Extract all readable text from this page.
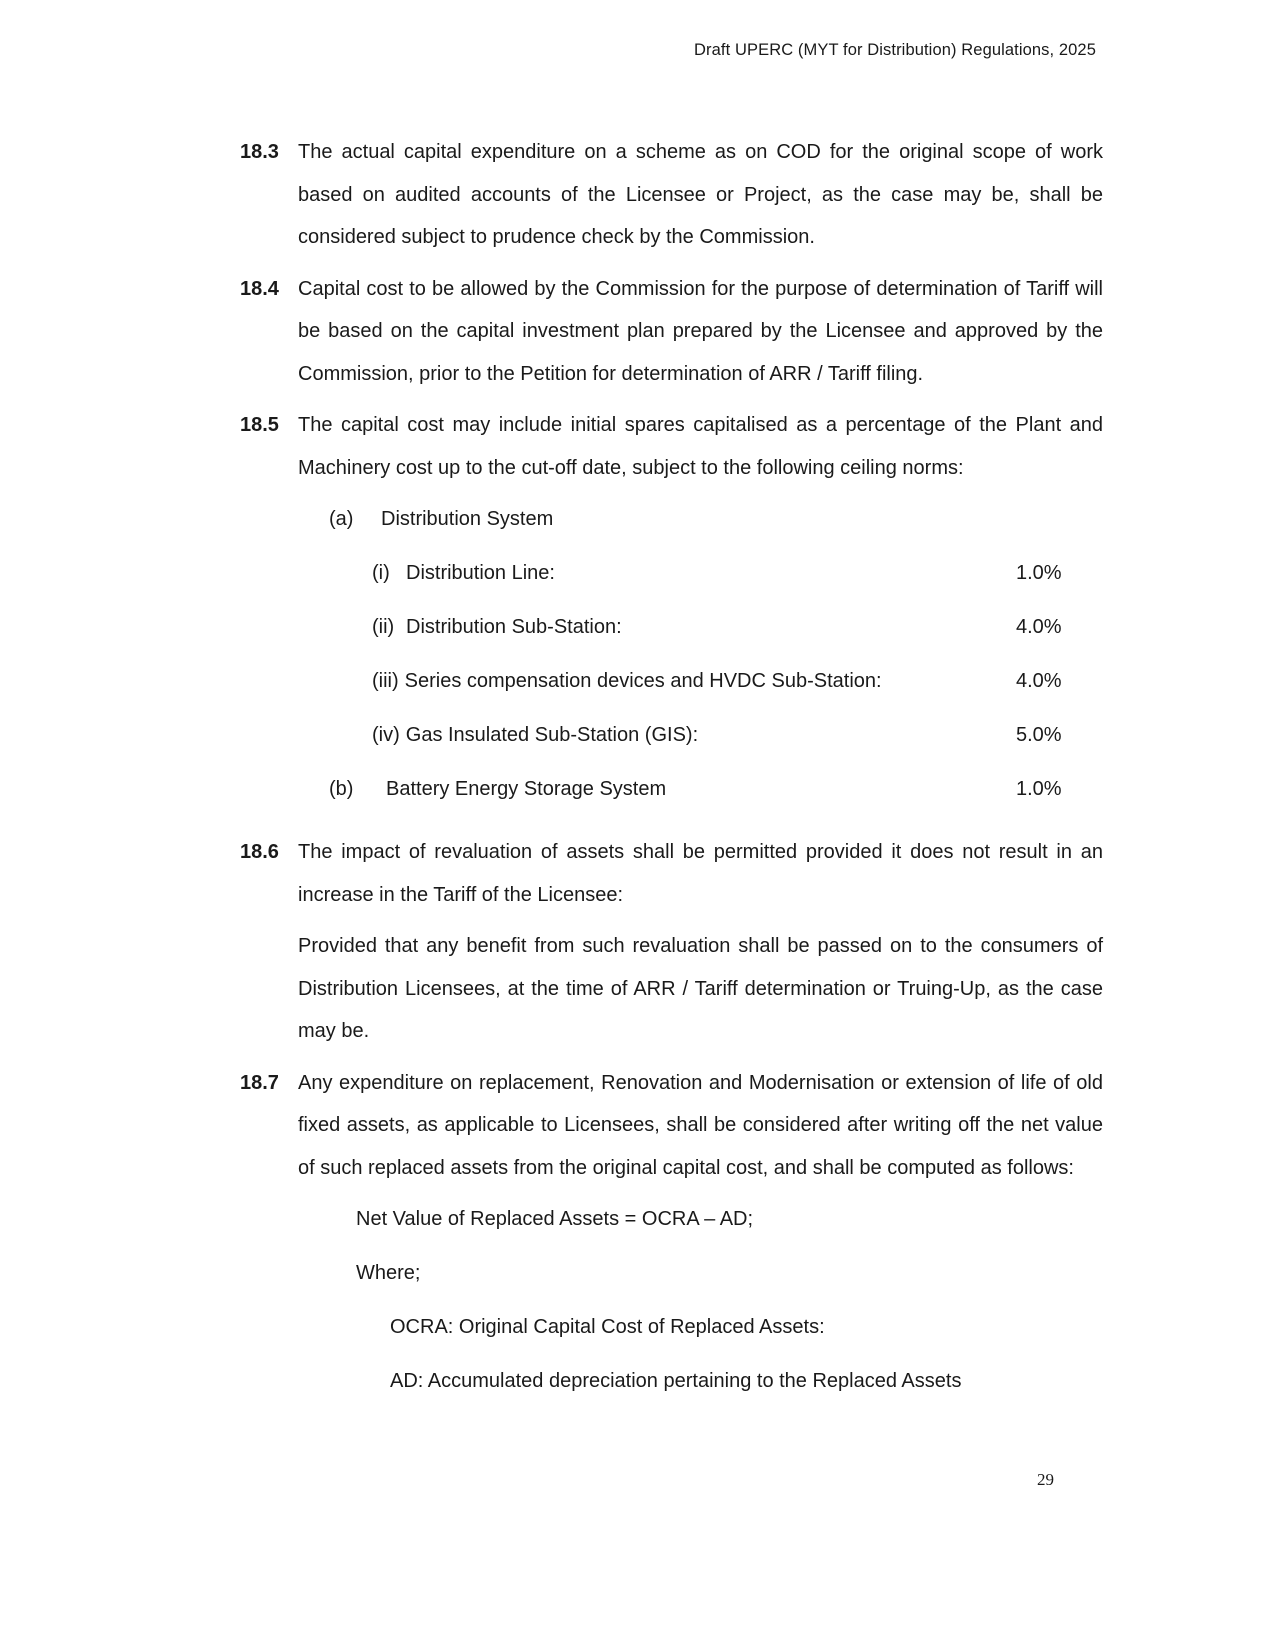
Draft UPERC (MYT for Distribution) Regulations, 2025
18.3 The actual capital expenditure on a scheme as on COD for the original scope of work based on audited accounts of the Licensee or Project, as the case may be, shall be considered subject to prudence check by the Commission.
18.4 Capital cost to be allowed by the Commission for the purpose of determination of Tariff will be based on the capital investment plan prepared by the Licensee and approved by the Commission, prior to the Petition for determination of ARR / Tariff filing.
18.5 The capital cost may include initial spares capitalised as a percentage of the Plant and Machinery cost up to the cut-off date, subject to the following ceiling norms:
(a)	Distribution System
(i) Distribution Line:	1.0%
(ii) Distribution Sub-Station:	4.0%
(iii) Series compensation devices and HVDC Sub-Station:	4.0%
(iv) Gas Insulated Sub-Station (GIS):	5.0%
(b)	Battery Energy Storage System	1.0%
18.6 The impact of revaluation of assets shall be permitted provided it does not result in an increase in the Tariff of the Licensee:
Provided that any benefit from such revaluation shall be passed on to the consumers of Distribution Licensees, at the time of ARR / Tariff determination or Truing-Up, as the case may be.
18.7 Any expenditure on replacement, Renovation and Modernisation or extension of life of old fixed assets, as applicable to Licensees, shall be considered after writing off the net value of such replaced assets from the original capital cost, and shall be computed as follows:
Net Value of Replaced Assets = OCRA – AD;
Where;
OCRA: Original Capital Cost of Replaced Assets:
AD: Accumulated depreciation pertaining to the Replaced Assets
29
